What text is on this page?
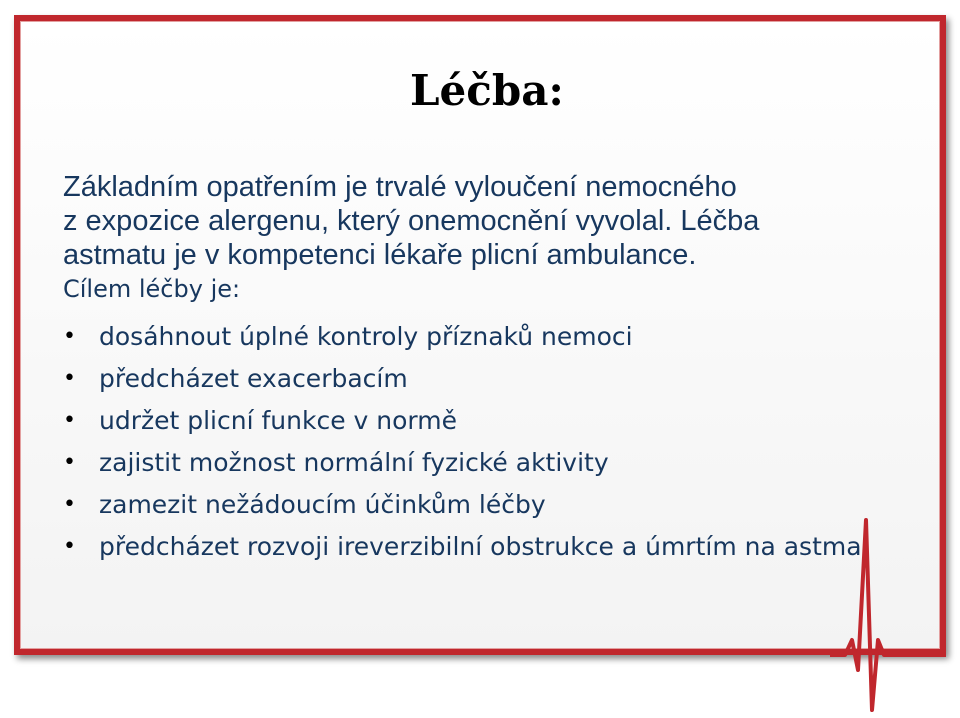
Léčba:
Základním opatřením je trvalé vyloučení nemocného
z expozice alergenu, který onemocnění vyvolal. Léčba
astmatu je v kompetenci lékaře plicní ambulance.
Cílem léčby je:
• dosáhnout úplné kontroly příznaků nemoci
• předcházet exacerbacím
• udržet plicní funkce v normě
• zajistit možnost normální fyzické aktivity
• zamezit nežádoucím účinkům léčby
• předcházet rozvoji ireverzibilní obstrukce a úmrtím na astma
